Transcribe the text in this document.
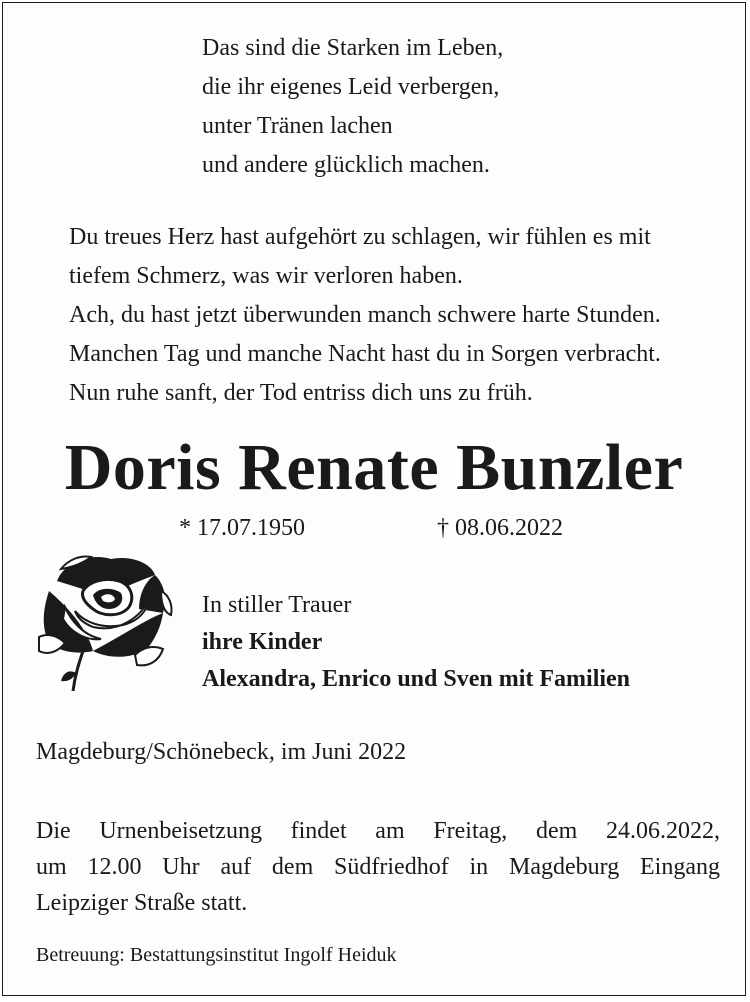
Das sind die Starken im Leben,
die ihr eigenes Leid verbergen,
unter Tränen lachen
und andere glücklich machen.
Du treues Herz hast aufgehört zu schlagen, wir fühlen es mit
tiefem Schmerz, was wir verloren haben.
Ach, du hast jetzt überwunden manch schwere harte Stunden.
Manchen Tag und manche Nacht hast du in Sorgen verbracht.
Nun ruhe sanft, der Tod entriss dich uns zu früh.
Doris Renate Bunzler
* 17.07.1950	† 08.06.2022
In stiller Trauer
ihre Kinder
Alexandra, Enrico und Sven mit Familien
Magdeburg/Schönebeck, im Juni 2022
Die Urnenbeisetzung findet am Freitag, dem 24.06.2022,
um 12.00 Uhr auf dem Südfriedhof in Magdeburg Eingang
Leipziger Straße statt.
Betreuung: Bestattungsinstitut Ingolf Heiduk
